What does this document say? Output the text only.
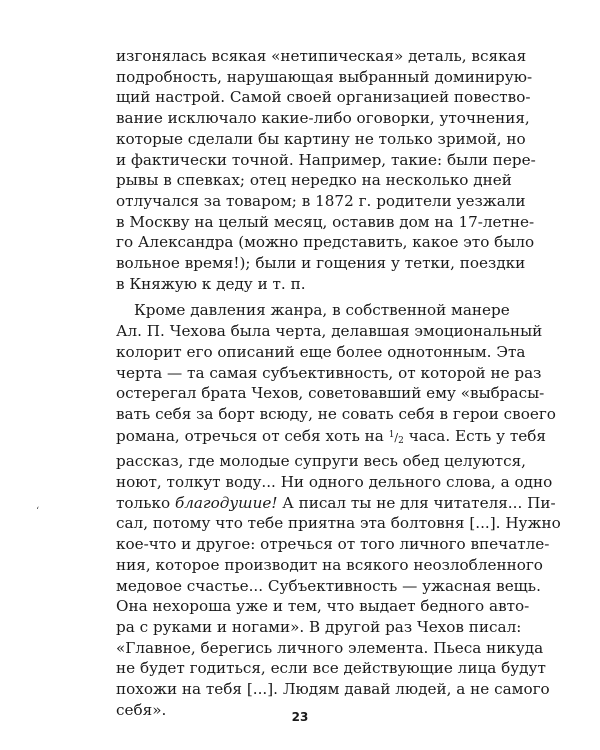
изгонялась всякая «нетипическая» деталь, всякая

подробность, нарушающая выбранный доминирую-

щий настрой. Самой своей организацией повество-

вание исключало какие-либо оговорки, уточнения,

которые сделали бы картину не только зримой, но

и фактически точной. Например, такие: были пере-

рывы в спевках; отец нередко на несколько дней

отлучался за товаром; в 1872 г. родители уезжали

в Москву на целый месяц, оставив дом на 17-летне-

го Александра (можно представить, какое это было

вольное время!); были и гощения у тетки, поездки

в Княжую к деду и т. п.

Кроме давления жанра, в собственной манере

Ал. П. Чехова была черта, делавшая эмоциональный

колорит его описаний еще более однотонным. Эта

черта — та самая субъективность, от которой не раз

остерегал брата Чехов, советовавший ему «выбрасы-

вать себя за борт всюду, не совать себя в герои своего

романа, отречься от себя хоть на $^1/_2$ часа. Есть у тебя

рассказ, где молодые супруги весь обед целуются,

ноют, толкут воду... Ни одного дельного слова, а одно

только благодушие! А писал ты не для читателя... Пи-

сал, потому что тебе приятна эта болтовня [...]. Нужно

кое-что и другое: отречься от того личного впечатле-

ния, которое производит на всякого неозлобленного

медовое счастье... Субъективность — ужасная вещь.

Она нехороша уже и тем, что выдает бедного авто-

ра с руками и ногами». В другой раз Чехов писал:

«Главное, берегись личного элемента. Пьеса никуда

не будет годиться, если все действующие лица будут

похожи на тебя [...]. Людям давай людей, а не самого

себя».

‘
23
